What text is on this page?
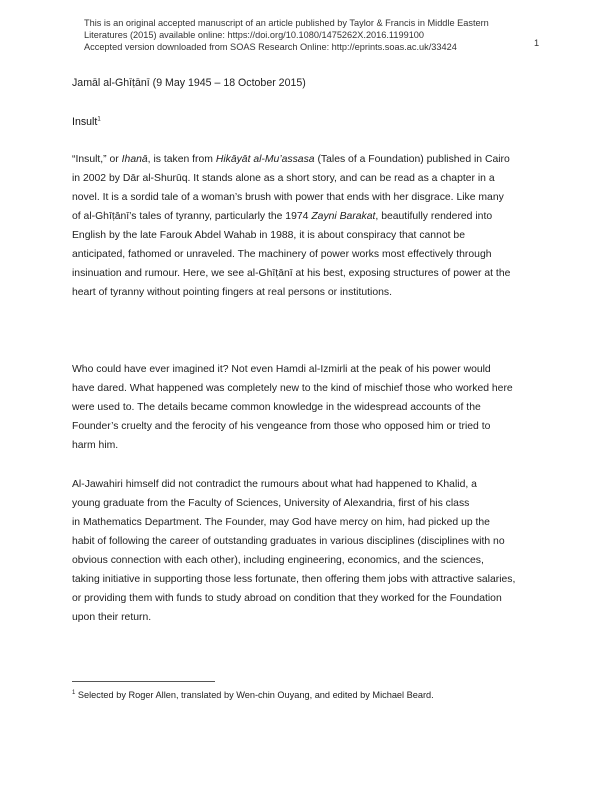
This is an original accepted manuscript of an article published by Taylor & Francis in Middle Eastern
Literatures (2015) available online: https://doi.org/10.1080/1475262X.2016.1199100
Accepted version downloaded from SOAS Research Online: http://eprints.soas.ac.uk/33424	1
Jamāl al-Ghīṭānī (9 May 1945 – 18 October 2015)
Insult$^1$
“Insult,” or Ihanā, is taken from Hikāyāt al-Mu’assasa (Tales of a Foundation) published in Cairo
in 2002 by Dār al-Shurūq. It stands alone as a short story, and can be read as a chapter in a
novel. It is a sordid tale of a woman’s brush with power that ends with her disgrace. Like many
of al-Ghīṭānī’s tales of tyranny, particularly the 1974 Zayni Barakat, beautifully rendered into
English by the late Farouk Abdel Wahab in 1988, it is about conspiracy that cannot be
anticipated, fathomed or unraveled. The machinery of power works most effectively through
insinuation and rumour. Here, we see al-Ghīṭānī at his best, exposing structures of power at the
heart of tyranny without pointing fingers at real persons or institutions.
Who could have ever imagined it? Not even Hamdi al-Izmirli at the peak of his power would
have dared. What happened was completely new to the kind of mischief those who worked here
were used to. The details became common knowledge in the widespread accounts of the
Founder’s cruelty and the ferocity of his vengeance from those who opposed him or tried to
harm him.
Al-Jawahiri himself did not contradict the rumours about what had happened to Khalid, a
young graduate from the Faculty of Sciences, University of Alexandria, first of his class
in Mathematics Department. The Founder, may God have mercy on him, had picked up the
habit of following the career of outstanding graduates in various disciplines (disciplines with no
obvious connection with each other), including engineering, economics, and the sciences,
taking initiative in supporting those less fortunate, then offering them jobs with attractive salaries,
or providing them with funds to study abroad on condition that they worked for the Foundation
upon their return.
$^1$ Selected by Roger Allen, translated by Wen-chin Ouyang, and edited by Michael Beard.
